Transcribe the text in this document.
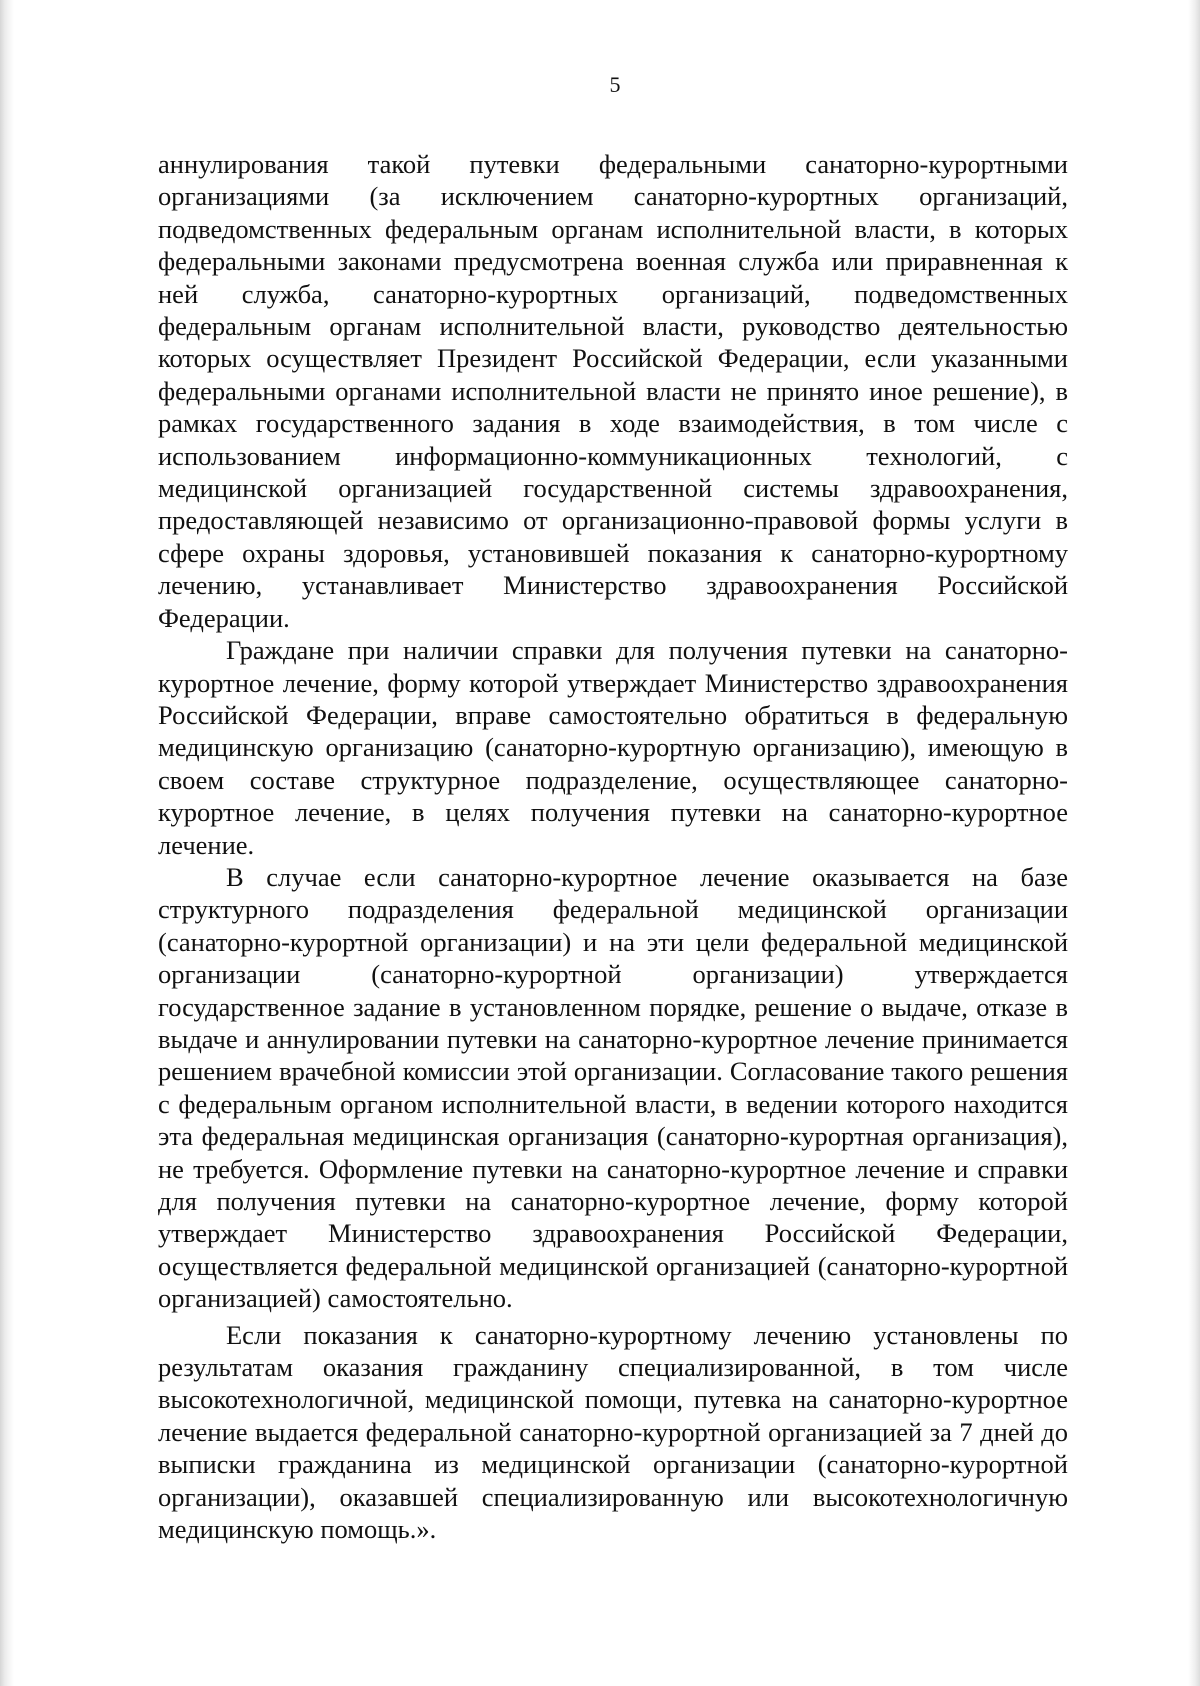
5

аннулирования такой путевки федеральными санаторно-курортными организациями (за исключением санаторно-курортных организаций, подведомственных федеральным органам исполнительной власти, в которых федеральными законами предусмотрена военная служба или приравненная к ней служба, санаторно-курортных организаций, подведомственных федеральным органам исполнительной власти, руководство деятельностью которых осуществляет Президент Российской Федерации, если указанными федеральными органами исполнительной власти не принято иное решение), в рамках государственного задания в ходе взаимодействия, в том числе с использованием информационно-коммуникационных технологий, с медицинской организацией государственной системы здравоохранения, предоставляющей независимо от организационно-правовой формы услуги в сфере охраны здоровья, установившей показания к санаторно-курортному лечению, устанавливает Министерство здравоохранения Российской Федерации.

Граждане при наличии справки для получения путевки на санаторно-курортное лечение, форму которой утверждает Министерство здравоохранения Российской Федерации, вправе самостоятельно обратиться в федеральную медицинскую организацию (санаторно-курортную организацию), имеющую в своем составе структурное подразделение, осуществляющее санаторно-курортное лечение, в целях получения путевки на санаторно-курортное лечение.

В случае если санаторно-курортное лечение оказывается на базе структурного подразделения федеральной медицинской организации (санаторно-курортной организации) и на эти цели федеральной медицинской организации (санаторно-курортной организации) утверждается государственное задание в установленном порядке, решение о выдаче, отказе в выдаче и аннулировании путевки на санаторно-курортное лечение принимается решением врачебной комиссии этой организации. Согласование такого решения с федеральным органом исполнительной власти, в ведении которого находится эта федеральная медицинская организация (санаторно-курортная организация), не требуется. Оформление путевки на санаторно-курортное лечение и справки для получения путевки на санаторно-курортное лечение, форму которой утверждает Министерство здравоохранения Российской Федерации, осуществляется федеральной медицинской организацией (санаторно-курортной организацией) самостоятельно.

Если показания к санаторно-курортному лечению установлены по результатам оказания гражданину специализированной, в том числе высокотехнологичной, медицинской помощи, путевка на санаторно-курортное лечение выдается федеральной санаторно-курортной организацией за 7 дней до выписки гражданина из медицинской организации (санаторно-курортной организации), оказавшей специализированную или высокотехнологичную медицинскую помощь.».
